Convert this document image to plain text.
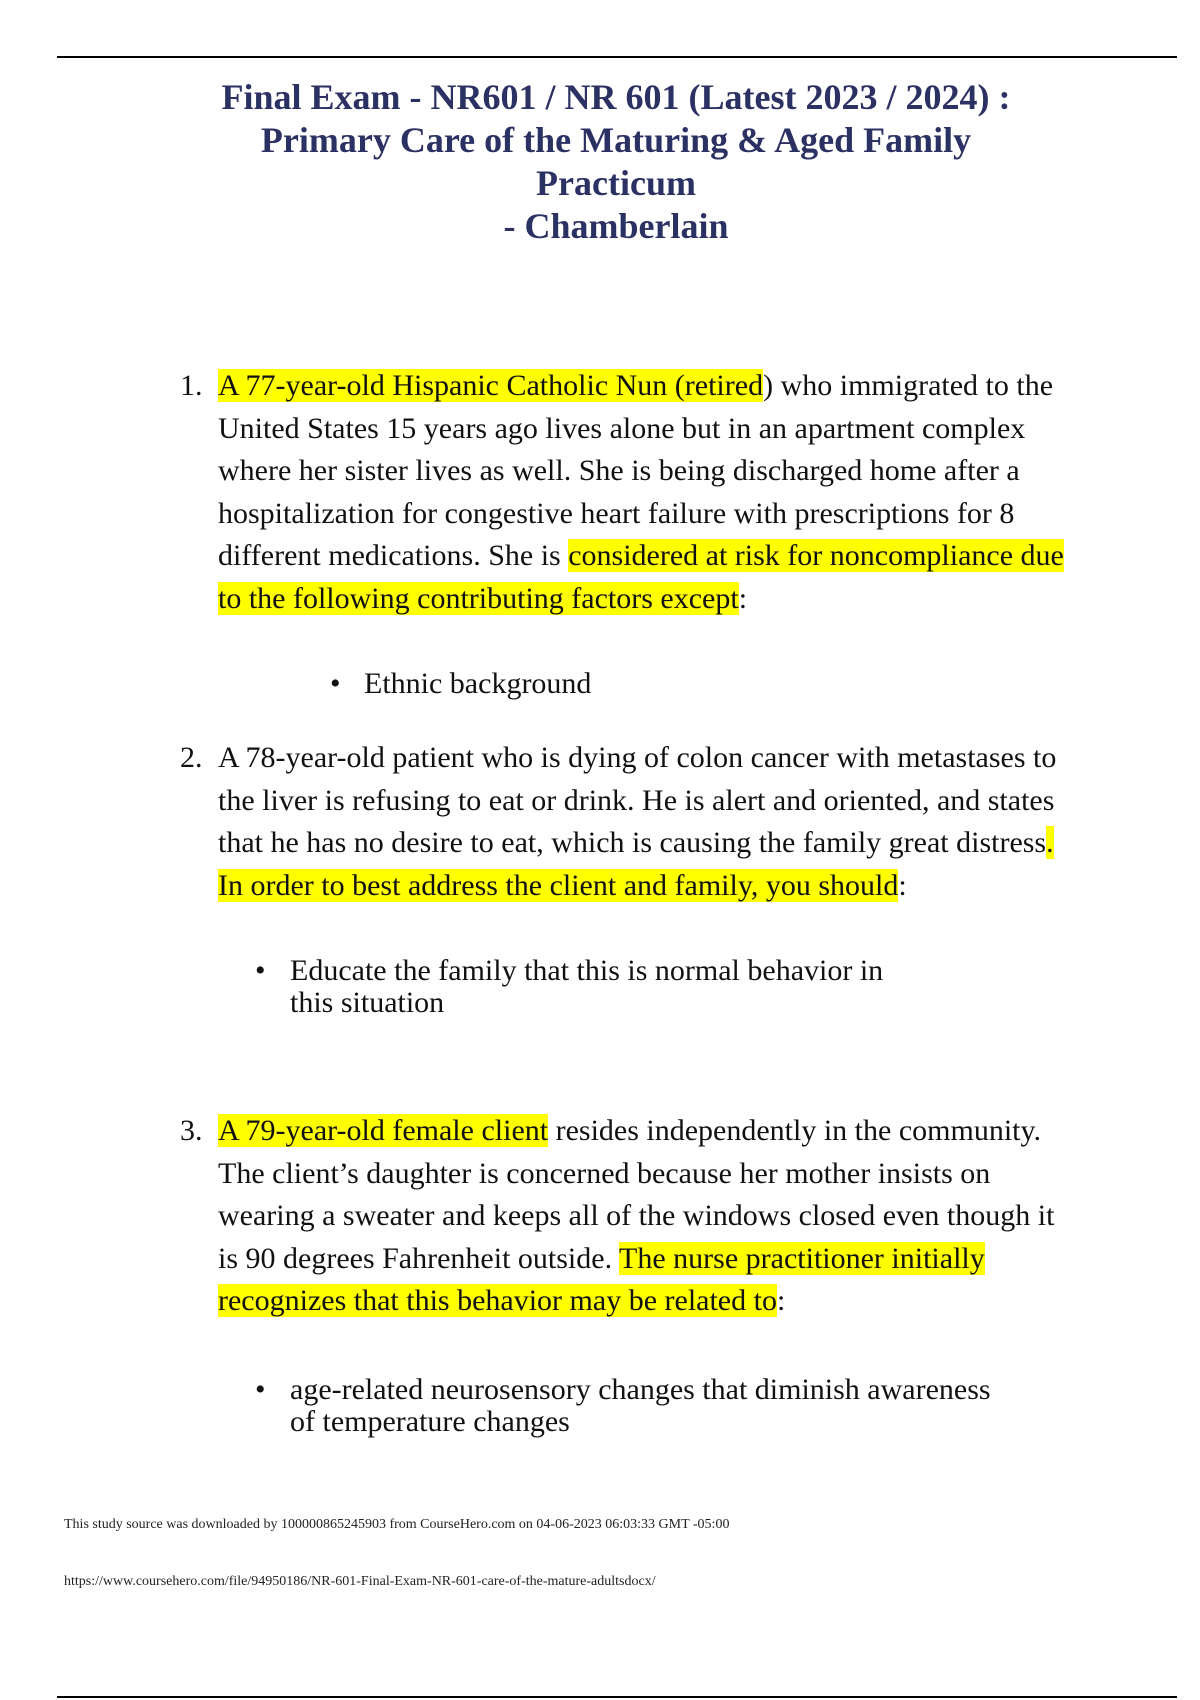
Final Exam - NR601 / NR 601 (Latest 2023 / 2024) :
Primary Care of the Maturing & Aged Family
Practicum
- Chamberlain
1. A 77-year-old Hispanic Catholic Nun (retired) who immigrated to the United States 15 years ago lives alone but in an apartment complex where her sister lives as well. She is being discharged home after a hospitalization for congestive heart failure with prescriptions for 8 different medications. She is considered at risk for noncompliance due to the following contributing factors except:
• Ethnic background
2. A 78-year-old patient who is dying of colon cancer with metastases to the liver is refusing to eat or drink. He is alert and oriented, and states that he has no desire to eat, which is causing the family great distress. In order to best address the client and family, you should:
• Educate the family that this is normal behavior in
this situation
3. A 79-year-old female client resides independently in the community. The client’s daughter is concerned because her mother insists on wearing a sweater and keeps all of the windows closed even though it is 90 degrees Fahrenheit outside. The nurse practitioner initially recognizes that this behavior may be related to:
• age-related neurosensory changes that diminish awareness
of temperature changes
This study source was downloaded by 100000865245903 from CourseHero.com on 04-06-2023 06:03:33 GMT -05:00
https://www.coursehero.com/file/94950186/NR-601-Final-Exam-NR-601-care-of-the-mature-adultsdocx/
